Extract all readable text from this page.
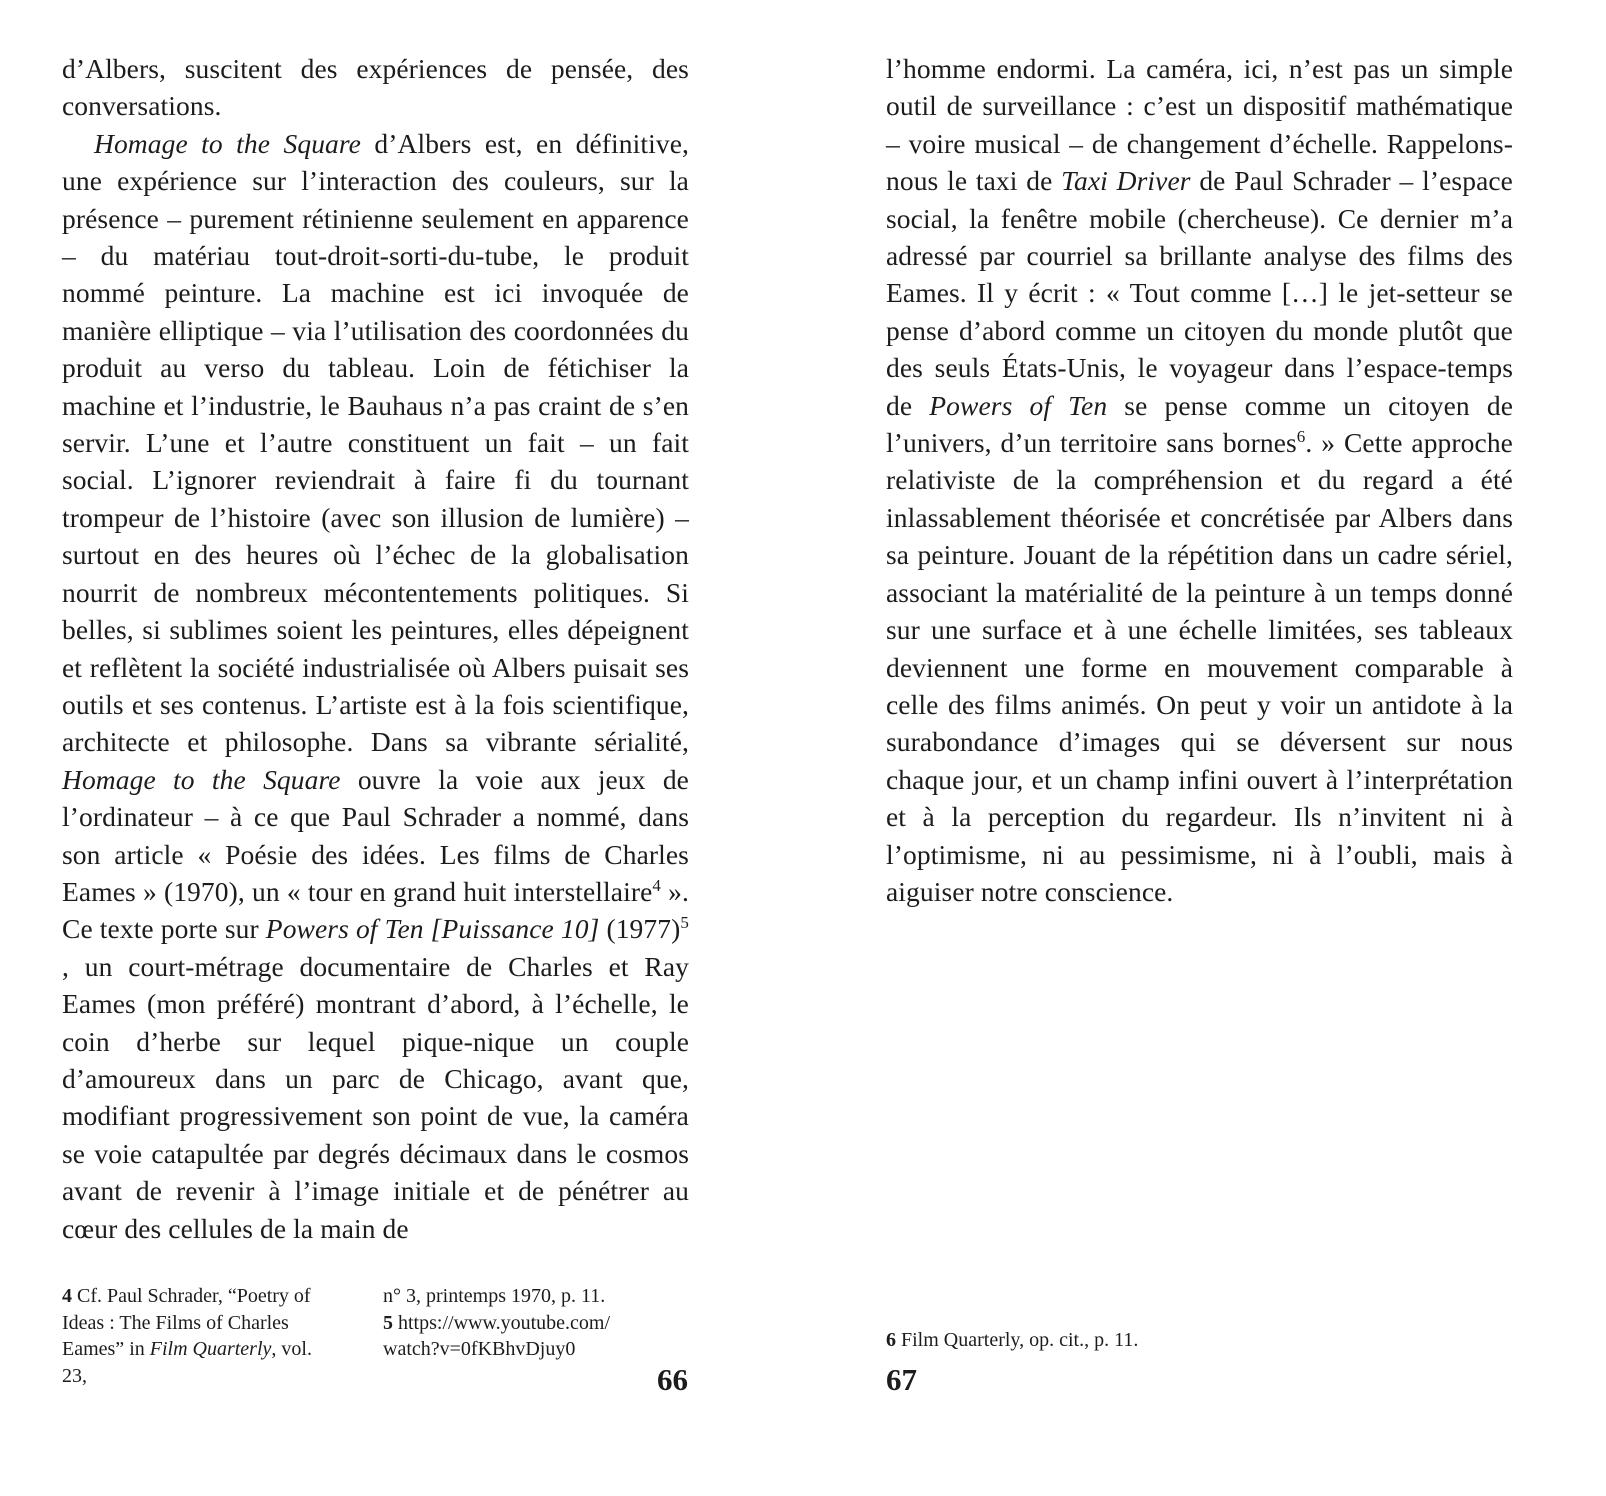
d’Albers, suscitent des expériences de pensée, des conversations.

Homage to the Square d’Albers est, en définitive, une expérience sur l’interaction des couleurs, sur la présence – purement rétinienne seulement en apparence – du matériau tout-droit-sorti-du-tube, le produit nommé peinture. La machine est ici invoquée de manière elliptique – via l’utilisation des coordonnées du produit au verso du tableau. Loin de fétichiser la machine et l’industrie, le Bauhaus n’a pas craint de s’en servir. L’une et l’autre constituent un fait – un fait social. L’ignorer reviendrait à faire fi du tournant trompeur de l’histoire (avec son illusion de lumière) – surtout en des heures où l’échec de la globalisation nourrit de nombreux mécontentements politiques. Si belles, si sublimes soient les peintures, elles dépeignent et reflètent la société industrialisée où Albers puisait ses outils et ses contenus. L’artiste est à la fois scientifique, architecte et philosophe. Dans sa vibrante sérialité, Homage to the Square ouvre la voie aux jeux de l’ordinateur – à ce que Paul Schrader a nommé, dans son article « Poésie des idées. Les films de Charles Eames » (1970), un « tour en grand huit interstellaire$^4$ ». Ce texte porte sur Powers of Ten [Puissance 10] $(1977)^5$ , un court-métrage documentaire de Charles et Ray Eames (mon préféré) montrant d’abord, à l’échelle, le coin d’herbe sur lequel pique-nique un couple d’amoureux dans un parc de Chicago, avant que, modifiant progressivement son point de vue, la caméra se voie catapultée par degrés décimaux dans le cosmos avant de revenir à l’image initiale et de pénétrer au cœur des cellules de la main de

4 Cf. Paul Schrader, “Poetry of Ideas : The Films of Charles Eames” in Film Quarterly, vol. 23,
n° 3, printemps 1970, p. 11.
5 https://www.youtube.com/
watch?v=0fKBhvDjuy0
66

l’homme endormi. La caméra, ici, n’est pas un simple outil de surveillance : c’est un dispositif mathématique – voire musical – de changement d’échelle. Rappelons-nous le taxi de Taxi Driver de Paul Schrader – l’espace social, la fenêtre mobile (chercheuse). Ce dernier m’a adressé par courriel sa brillante analyse des films des Eames. Il y écrit : « Tout comme […] le jet-setteur se pense d’abord comme un citoyen du monde plutôt que des seuls États-Unis, le voyageur dans l’espace-temps de Powers of Ten se pense comme un citoyen de l’univers, d’un territoire sans bornes$^6$. » Cette approche relativiste de la compréhension et du regard a été inlassablement théorisée et concrétisée par Albers dans sa peinture. Jouant de la répétition dans un cadre sériel, associant la matérialité de la peinture à un temps donné sur une surface et à une échelle limitées, ses tableaux deviennent une forme en mouvement comparable à celle des films animés. On peut y voir un antidote à la surabondance d’images qui se déversent sur nous chaque jour, et un champ infini ouvert à l’interprétation et à la perception du regardeur. Ils n’invitent ni à l’optimisme, ni au pessimisme, ni à l’oubli, mais à aiguiser notre conscience.

6 Film Quarterly, op. cit., p. 11.
67
